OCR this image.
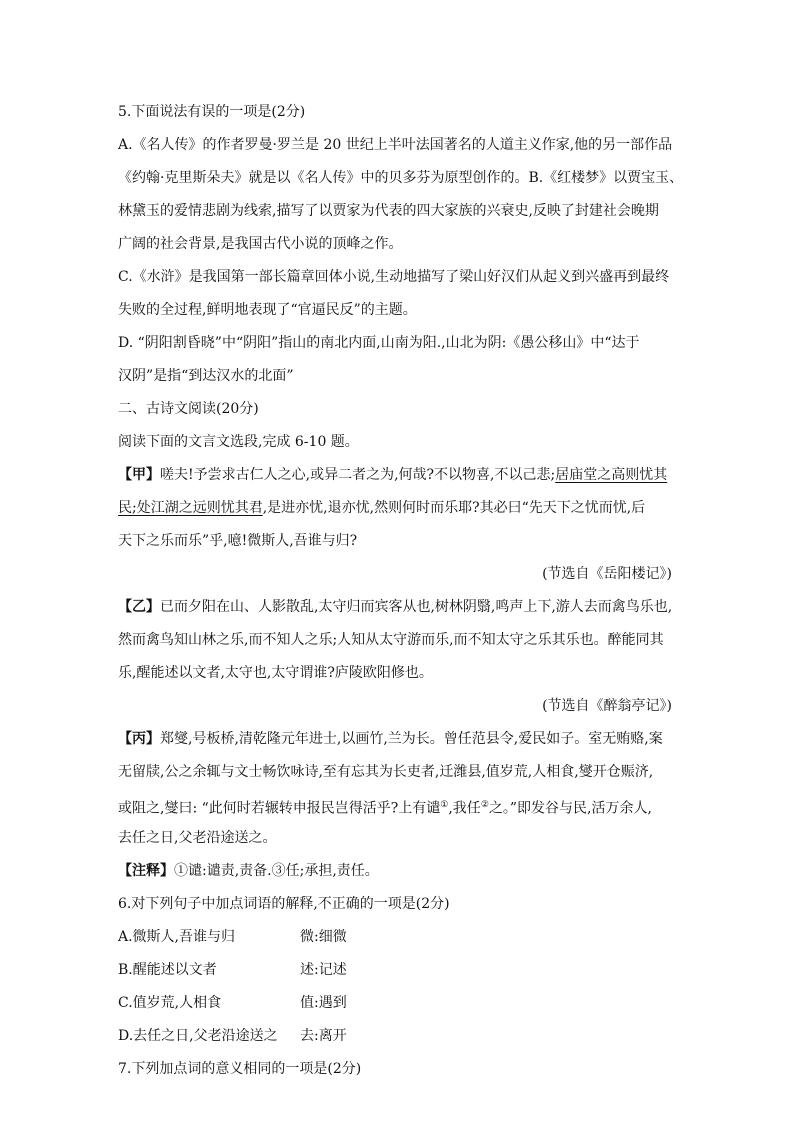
5.下面说法有误的一项是(2分)
A.《名人传》的作者罗曼·罗兰是 20 世纪上半叶法国著名的人道主义作家,他的另一部作品
《约翰·克里斯朵夫》就是以《名人传》中的贝多芬为原型创作的。B.《红楼梦》以贾宝玉、
林黛玉的爱情悲剧为线索,描写了以贾家为代表的四大家族的兴衰史,反映了封建社会晚期
广阔的社会背景,是我国古代小说的顶峰之作。
C.《水浒》是我国第一部长篇章回体小说,生动地描写了梁山好汉们从起义到兴盛再到最终
失败的全过程,鲜明地表现了“官逼民反”的主题。
D. “阴阳割昏晓”中“阴阳”指山的南北内面,山南为阳.,山北为阴:《愚公移山》中“达于
汉阴”是指“到达汉水的北面”
二、古诗文阅读(20分)
阅读下面的文言文选段,完成 6-10 题。
【甲】嗟夫!予尝求古仁人之心,或异二者之为,何哉?不以物喜,不以己悲;居庙堂之高则忧其
民;处江湖之远则忧其君,是进亦忧,退亦忧,然则何时而乐耶?其必曰“先天下之忧而忧,后
天下之乐而乐”乎,噫!微斯人,吾谁与归?
(节选自《岳阳楼记》)
【乙】已而夕阳在山、人影散乱,太守归而宾客从也,树林阴翳,鸣声上下,游人去而禽鸟乐也,
然而禽鸟知山林之乐,而不知人之乐;人知从太守游而乐,而不知太守之乐其乐也。醉能同其
乐,醒能述以文者,太守也,太守谓谁?庐陵欧阳修也。
(节选自《醉翁亭记》)
【丙】郑燮,号板桥,清乾隆元年进士,以画竹,兰为长。曾任范县令,爱民如子。室无贿赂,案
无留牍,公之余辄与文士畅饮咏诗,至有忘其为长吏者,迁潍县,值岁荒,人相食,燮开仓赈济,
或阻之,燮曰: “此何时若辗转申报民岂得活乎?上有谴①,我任②之。”即发谷与民,活万余人,
去任之日,父老沿途送之。
【注释】①谴:谴责,责备.③任;承担,责任。
6.对下列句子中加点词语的解释,不正确的一项是(2分)
A.微斯人,吾谁与归	微:细微
B.醒能述以文者	述:记述
C.值岁荒,人相食	值:遇到
D.去任之日,父老沿途送之 去:离开
7.下列加点词的意义相同的一项是(2分)
